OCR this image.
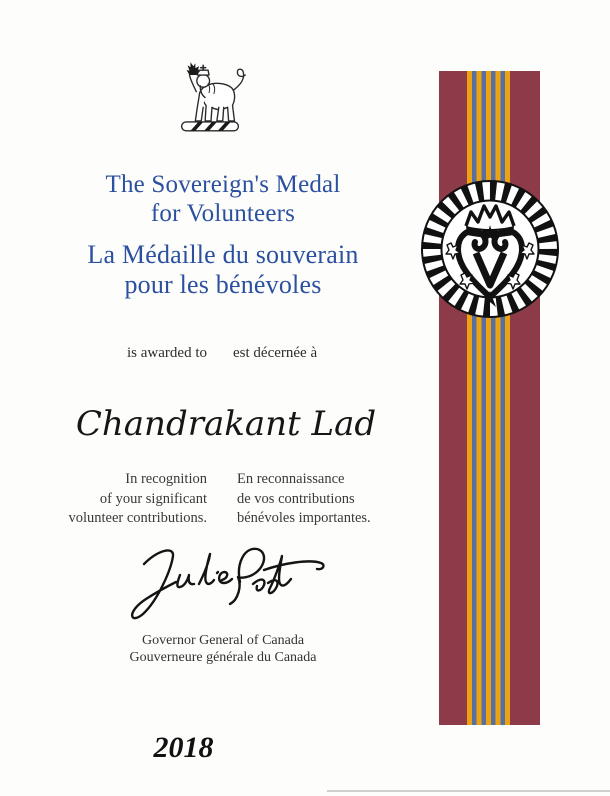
The Sovereign's Medal
for Volunteers
La Médaille du souverain
pour les bénévoles
is awarded to est décernée à
Chandrakant Lad
In recognition
of your significant
volunteer contributions.
En reconnaissance
de vos contributions
bénévoles importantes.
Governor General of Canada
Gouverneure générale du Canada
2018
